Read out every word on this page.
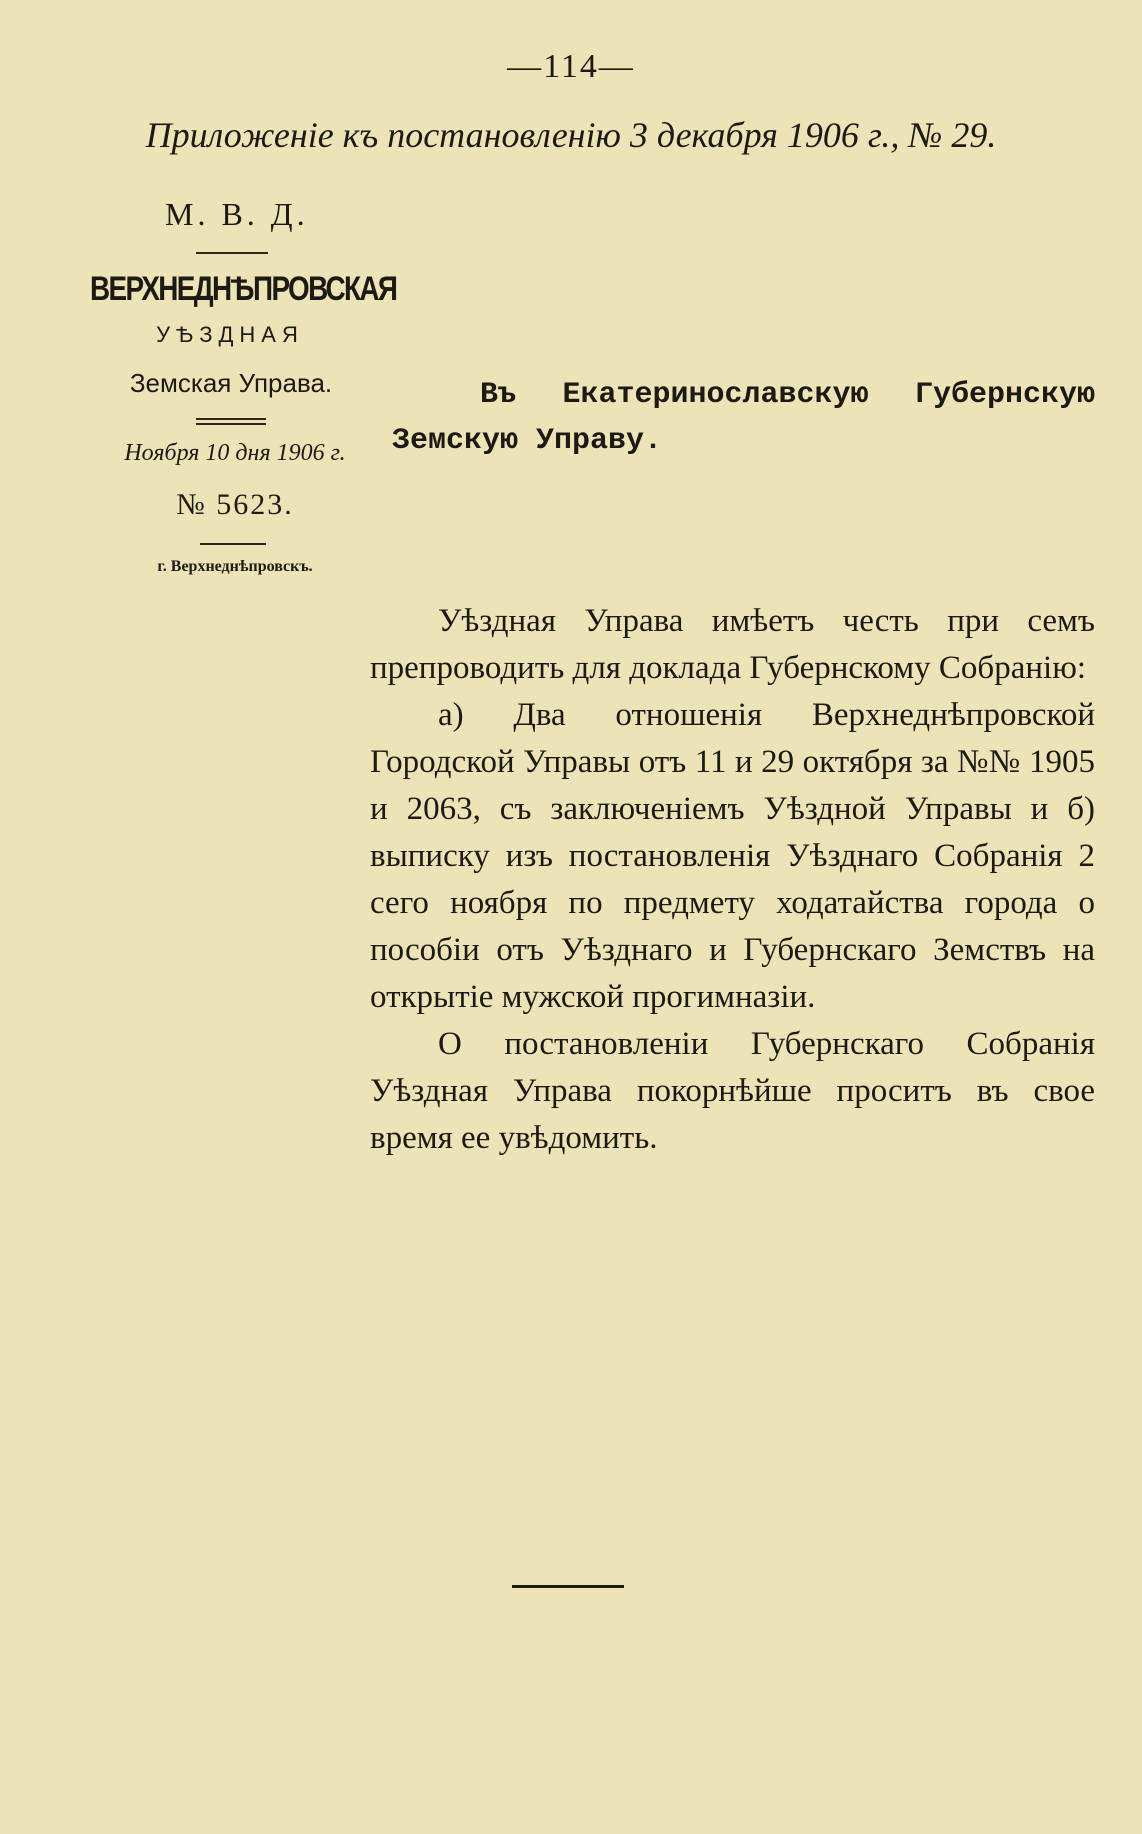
—114—
Приложеніе къ постановленію 3 декабря 1906 г., № 29.
М. В. Д.
ВЕРХНЕДНѢПРОВСКАЯ
УѢЗДНАЯ
Земская Управа.
Ноября 10 дня 1906 г.
№ 5623.
г. Верхнеднѣпровскъ.
Въ Екатеринославскую Губернскую
Земскую Управу.

Уѣздная Управа имѣетъ честь при семъ препроводить для доклада Губернскому Собранію:

а) Два отношенія Верхнеднѣпровской Городской Управы отъ 11 и 29 октября за №№ 1905 и 2063, съ заключеніемъ Уѣздной Управы и б) выписку изъ постановленія Уѣзднаго Собранія 2 сего ноября по предмету ходатайства города о пособіи отъ Уѣзднаго и Губернскаго Земствъ на открытіе мужской прогимназіи.

О постановленіи Губернскаго Собранія Уѣздная Управа покорнѣйше проситъ въ свое время ее увѣдомить.
